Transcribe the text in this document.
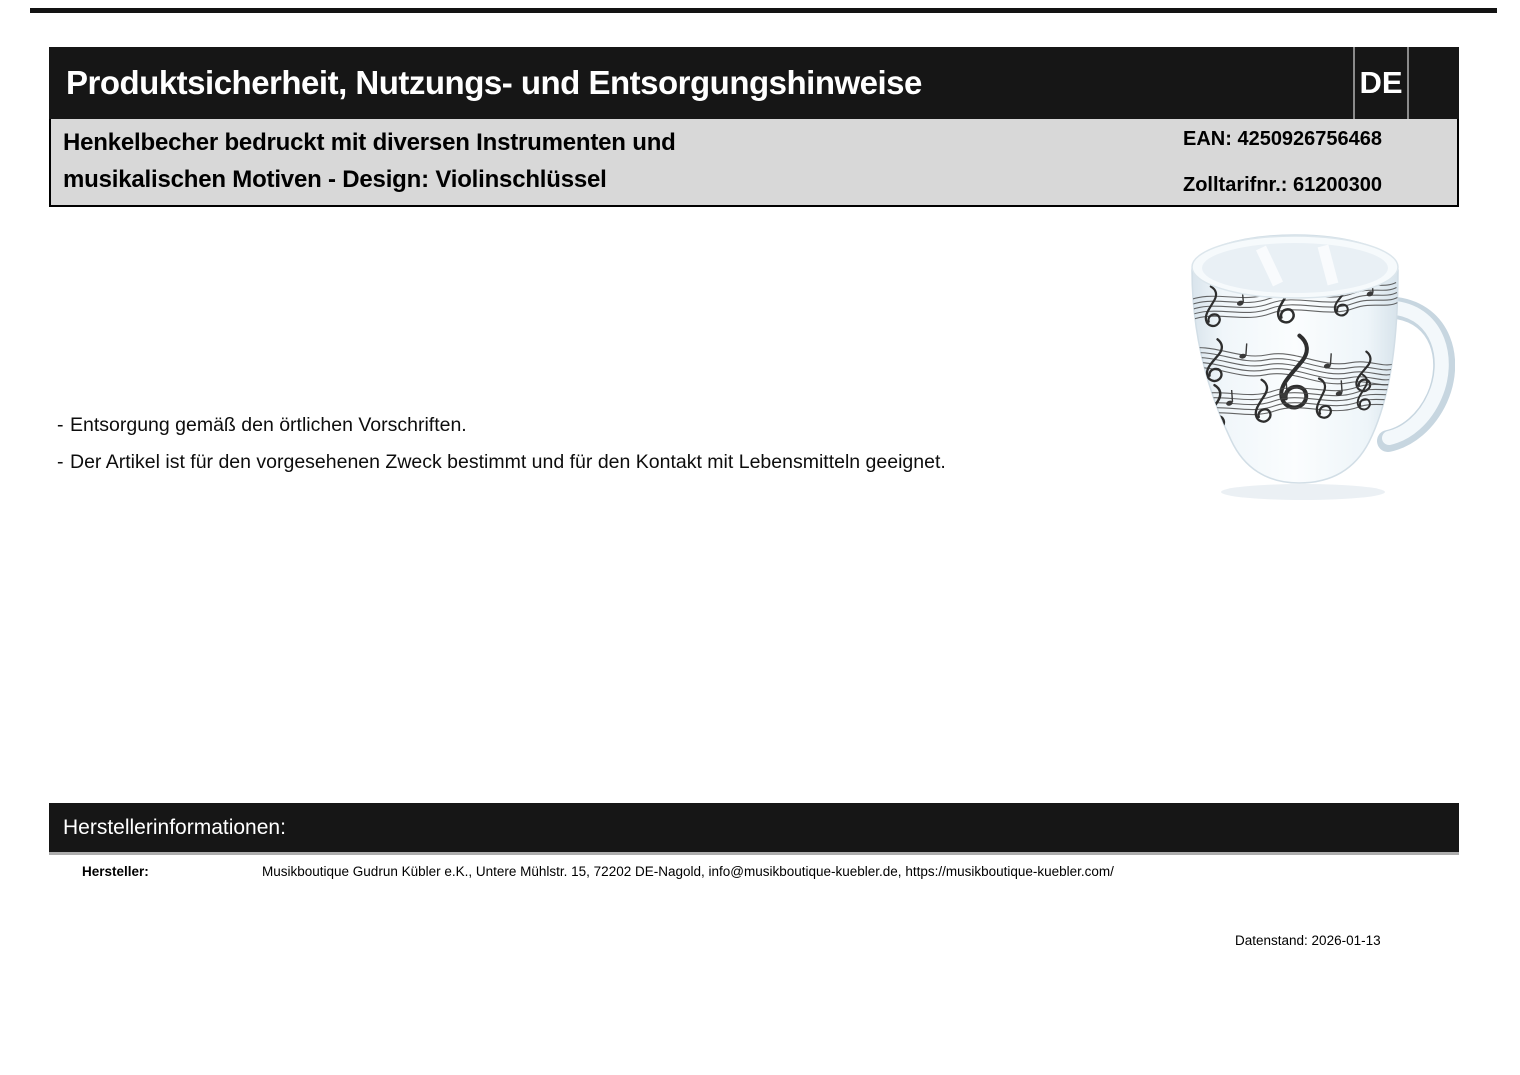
Produktsicherheit, Nutzungs- und Entsorgungshinweise	DE
Henkelbecher bedruckt mit diversen Instrumenten und musikalischen Motiven - Design: Violinschlüssel
EAN: 4250926756468
Zolltarifnr.: 61200300
- Entsorgung gemäß den örtlichen Vorschriften.
- Der Artikel ist für den vorgesehenen Zweck bestimmt und für den Kontakt mit Lebensmitteln geeignet.
Herstellerinformationen:
Hersteller:	Musikboutique Gudrun Kübler e.K., Untere Mühlstr. 15, 72202 DE-Nagold, info@musikboutique-kuebler.de, https://musikboutique-kuebler.com/
Datenstand: 2026-01-13
